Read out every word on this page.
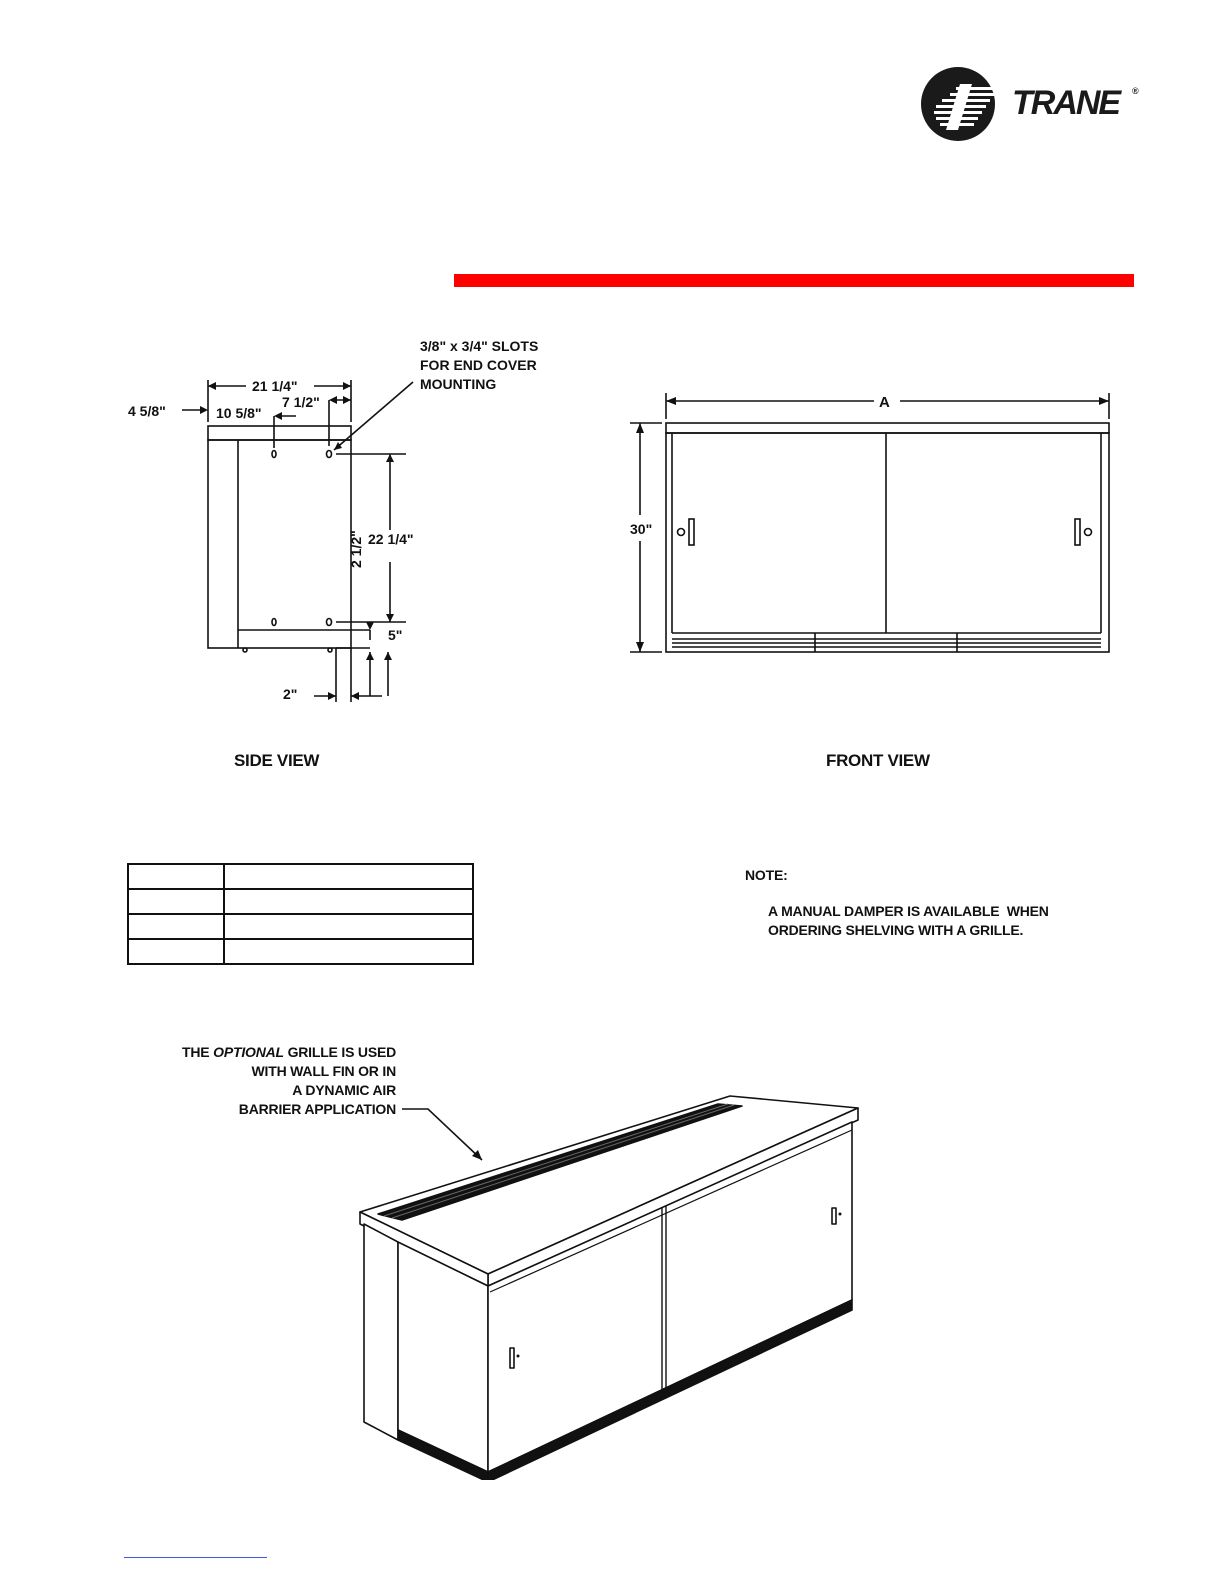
TRANE ®
21 1/4"
7 1/2"
4 5/8"	10 5/8"
22 1/4"
2 1/2"
5"
2"
3/8" x 3/4" SLOTS
FOR END COVER
MOUNTING
SIDE VIEW
A
30"
FRONT VIEW

NOTE:
A MANUAL DAMPER IS AVAILABLE  WHEN
ORDERING SHELVING WITH A GRILLE.
THE OPTIONAL GRILLE IS USED
WITH WALL FIN OR IN
A DYNAMIC AIR
BARRIER APPLICATION
